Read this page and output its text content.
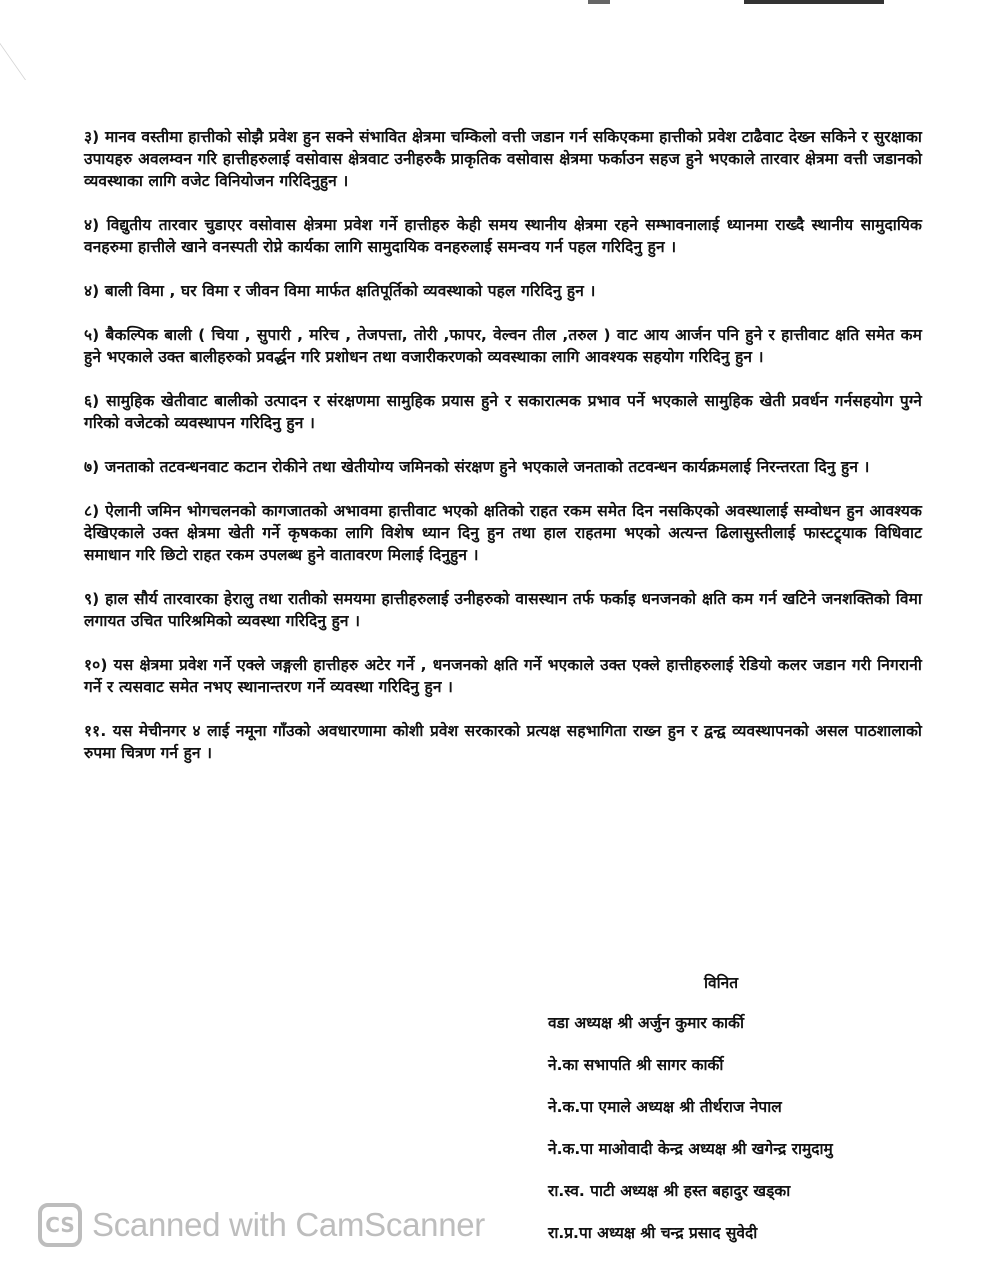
३) मानव वस्तीमा हात्तीको सोझै प्रवेश हुन सक्ने संभावित क्षेत्रमा चम्किलो वत्ती जडान गर्न सकिएकमा हात्तीको प्रवेश टाढैवाट देख्न सकिने र सुरक्षाका उपायहरु अवलम्वन गरि हात्तीहरुलाई वसोवास क्षेत्रवाट उनीहरुकै प्राकृतिक वसोवास क्षेत्रमा फर्काउन सहज हुने भएकाले तारवार क्षेत्रमा वत्ती जडानको व्यवस्थाका लागि वजेट विनियोजन गरिदिनुहुन ।

४) विद्युतीय तारवार चुडाएर वसोवास क्षेत्रमा प्रवेश गर्ने हात्तीहरु केही समय स्थानीय क्षेत्रमा रहने सम्भावनालाई ध्यानमा राख्दै स्थानीय सामुदायिक वनहरुमा हात्तीले खाने वनस्पती रोप्ने कार्यका लागि सामुदायिक वनहरुलाई समन्वय गर्न पहल गरिदिनु हुन ।

४) बाली विमा , घर विमा र जीवन विमा मार्फत क्षतिपूर्तिको व्यवस्थाको पहल गरिदिनु हुन ।

५) बैकल्पिक बाली ( चिया , सुपारी , मरिच , तेजपत्ता, तोरी ,फापर, वेल्वन तील ,तरुल ) वाट आय आर्जन पनि हुने र हात्तीवाट क्षति समेत कम हुने भएकाले उक्त बालीहरुको प्रवर्द्धन गरि प्रशोधन तथा वजारीकरणको व्यवस्थाका लागि आवश्यक सहयोग गरिदिनु हुन ।

६) सामुहिक खेतीवाट बालीको उत्पादन र संरक्षणमा सामुहिक प्रयास हुने र सकारात्मक प्रभाव पर्ने भएकाले सामुहिक खेती प्रवर्धन गर्नसहयोग पुग्ने गरिको वजेटको व्यवस्थापन गरिदिनु हुन ।

७) जनताको तटवन्धनवाट कटान रोकीने तथा खेतीयोग्य जमिनको संरक्षण हुने भएकाले जनताको तटवन्धन कार्यक्रमलाई निरन्तरता दिनु हुन ।

८) ऐलानी जमिन भोगचलनको कागजातको अभावमा हात्तीवाट भएको क्षतिको राहत रकम समेत दिन नसकिएको अवस्थालाई सम्वोधन हुन आवश्यक देखिएकाले उक्त क्षेत्रमा खेती गर्ने कृषकका लागि विशेष ध्यान दिनु हुन तथा हाल राहतमा भएको अत्यन्त ढिलासुस्तीलाई फास्टट्र्याक विधिवाट समाधान गरि छिटो राहत रकम उपलब्ध हुने वातावरण मिलाई दिनुहुन ।

९) हाल सौर्य तारवारका हेरालु तथा रातीको समयमा हात्तीहरुलाई उनीहरुको वासस्थान तर्फ फर्काइ धनजनको क्षति कम गर्न खटिने जनशक्तिको विमा लगायत उचित पारिश्रमिको व्यवस्था गरिदिनु हुन ।

१०) यस क्षेत्रमा प्रवेश गर्ने एक्ले जङ्गली हात्तीहरु अटेर गर्ने , धनजनको क्षति गर्ने भएकाले उक्त एक्ले हात्तीहरुलाई रेडियो कलर जडान गरी निगरानी गर्ने र त्यसवाट समेत नभए स्थानान्तरण गर्ने व्यवस्था गरिदिनु हुन ।

११. यस मेचीनगर ४ लाई नमूना गाँउको अवधारणामा कोशी प्रवेश सरकारको प्रत्यक्ष सहभागिता राख्न हुन र द्वन्द्व व्यवस्थापनको असल पाठशालाको रुपमा चित्रण गर्न हुन ।

विनित
वडा अध्यक्ष श्री अर्जुन कुमार कार्की
ने.का सभापति श्री सागर कार्की
ने.क.पा एमाले अध्यक्ष श्री तीर्थराज नेपाल
ने.क.पा माओवादी केन्द्र अध्यक्ष श्री खगेन्द्र रामुदामु
रा.स्व. पाटी अध्यक्ष श्री हस्त बहादुर खड्का
रा.प्र.पा अध्यक्ष श्री चन्द्र प्रसाद सुवेदी
CS Scanned with CamScanner
